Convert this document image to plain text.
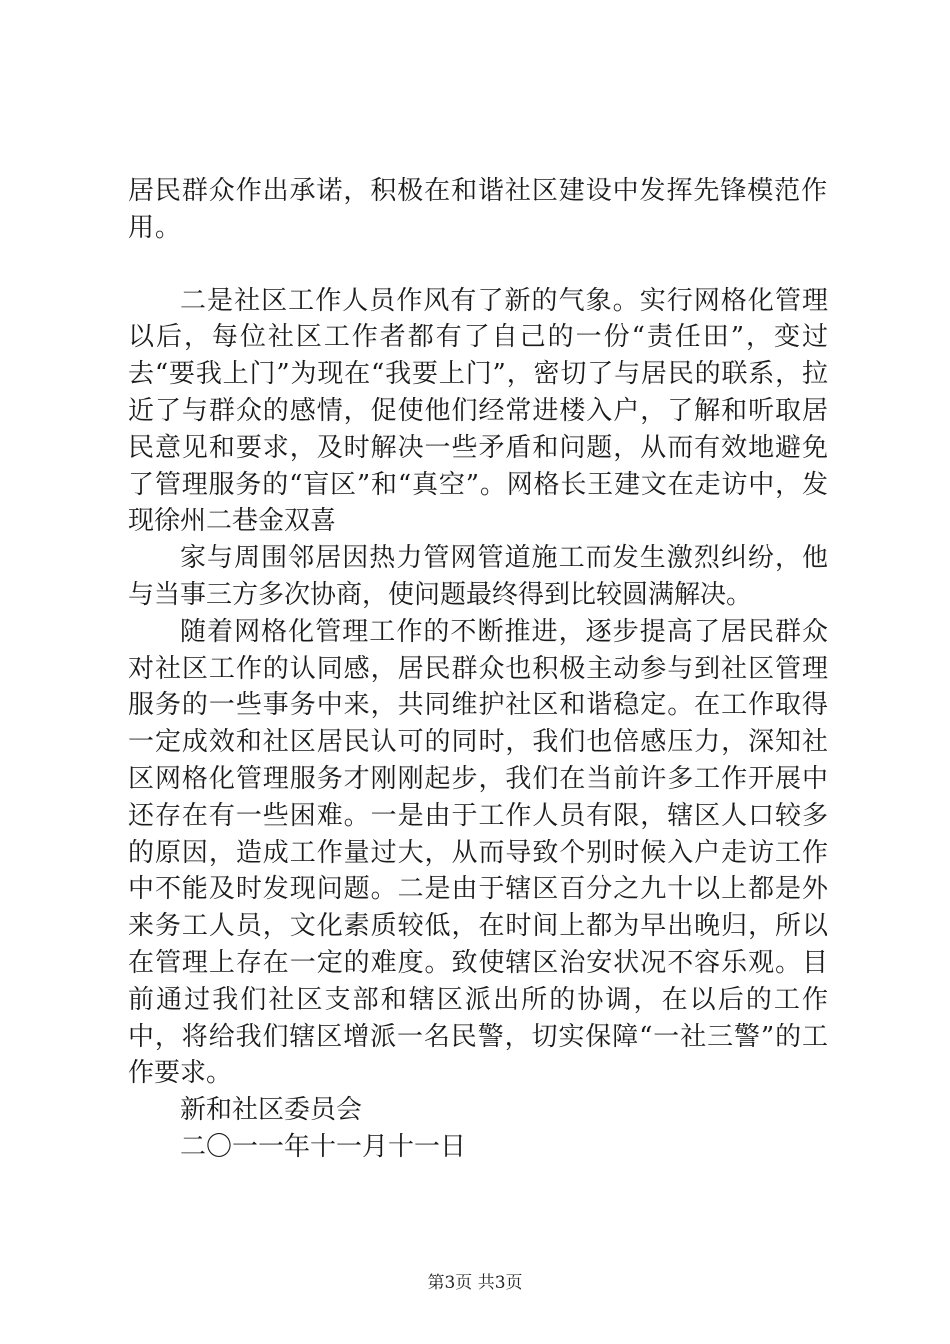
居民群众作出承诺，积极在和谐社区建设中发挥先锋模范作用。

二是社区工作人员作风有了新的气象。实行网格化管理以后，每位社区工作者都有了自己的一份“责任田”，变过去“要我上门”为现在“我要上门”，密切了与居民的联系，拉近了与群众的感情，促使他们经常进楼入户，了解和听取居民意见和要求，及时解决一些矛盾和问题，从而有效地避免了管理服务的“盲区”和“真空”。网格长王建文在走访中，发现徐州二巷金双喜

家与周围邻居因热力管网管道施工而发生激烈纠纷，他与当事三方多次协商，使问题最终得到比较圆满解决。

随着网格化管理工作的不断推进，逐步提高了居民群众对社区工作的认同感，居民群众也积极主动参与到社区管理服务的一些事务中来，共同维护社区和谐稳定。在工作取得一定成效和社区居民认可的同时，我们也倍感压力，深知社区网格化管理服务才刚刚起步，我们在当前许多工作开展中还存在有一些困难。一是由于工作人员有限，辖区人口较多的原因，造成工作量过大，从而导致个别时候入户走访工作中不能及时发现问题。二是由于辖区百分之九十以上都是外来务工人员，文化素质较低，在时间上都为早出晚归，所以在管理上存在一定的难度。致使辖区治安状况不容乐观。目前通过我们社区支部和辖区派出所的协调，在以后的工作中，将给我们辖区增派一名民警，切实保障“一社三警”的工作要求。

新和社区委员会

二〇一一年十一月十一日

第3页 共3页
